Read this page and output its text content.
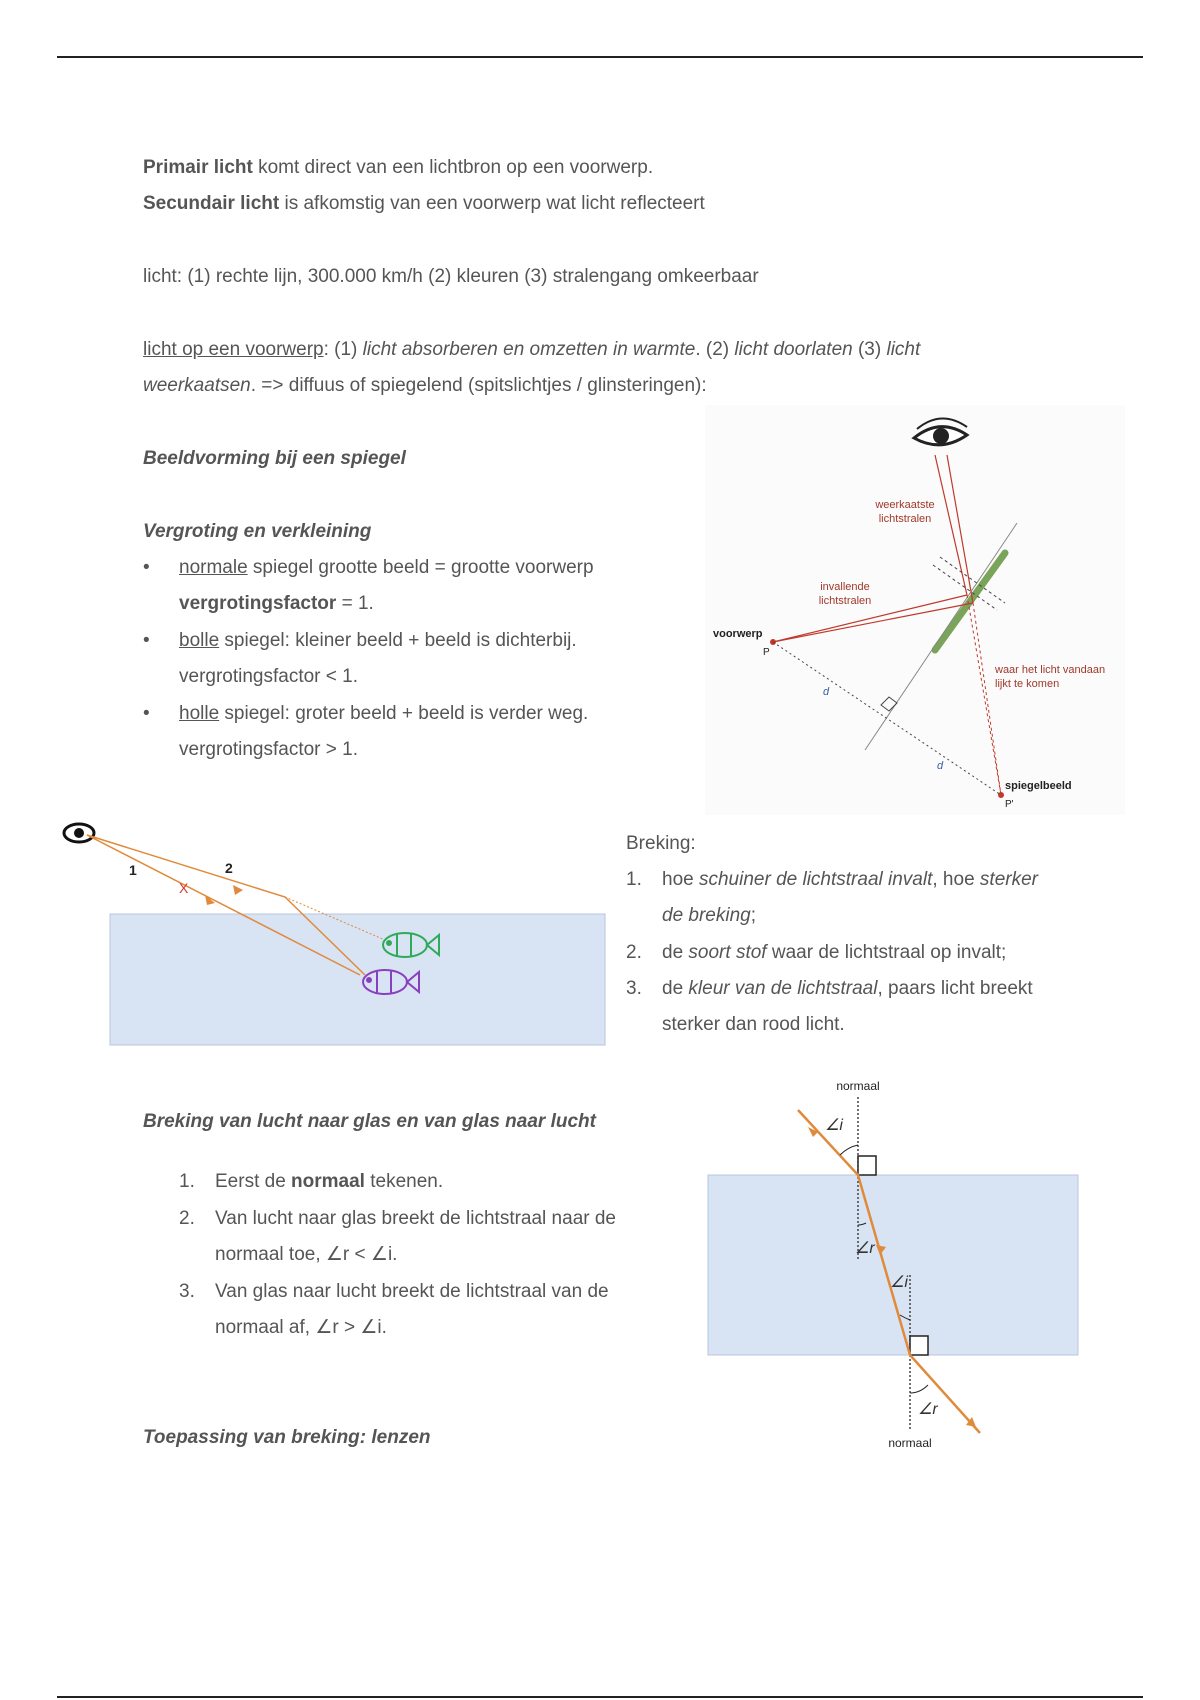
Primair licht komt direct van een lichtbron op een voorwerp.
Secundair licht is afkomstig van een voorwerp wat licht reflecteert
licht: (1) rechte lijn, 300.000 km/h (2) kleuren (3) stralengang omkeerbaar
licht op een voorwerp: (1) licht absorberen en omzetten in warmte. (2) licht doorlaten (3) licht
weerkaatsen. => diffuus of spiegelend (spitslichtjes / glinsteringen):
Beeldvorming bij een spiegel
Vergroting en verkleining
• normale spiegel grootte beeld = grootte voorwerp
vergrotingsfactor = 1.
• bolle spiegel: kleiner beeld + beeld is dichterbij.
vergrotingsfactor < 1.
• holle spiegel: groter beeld + beeld is verder weg.
vergrotingsfactor > 1.
weerkaatste
lichtstralen
invallende
lichtstralen
voorwerp
P
d
d
waar het licht vandaan
lijkt te komen
spiegelbeeld
P'
1	2
X
Breking:
1. hoe schuiner de lichtstraal invalt, hoe sterker
de breking;
2. de soort stof waar de lichtstraal op invalt;
3. de kleur van de lichtstraal, paars licht breekt
sterker dan rood licht.
Breking van lucht naar glas en van glas naar lucht
1. Eerst de normaal tekenen.
2. Van lucht naar glas breekt de lichtstraal naar de
normaal toe, ∠r < ∠i.
3. Van glas naar lucht breekt de lichtstraal van de
normaal af, ∠r > ∠i.
normaal
normaal
∠i
∠r
∠i
∠r
Toepassing van breking: lenzen
